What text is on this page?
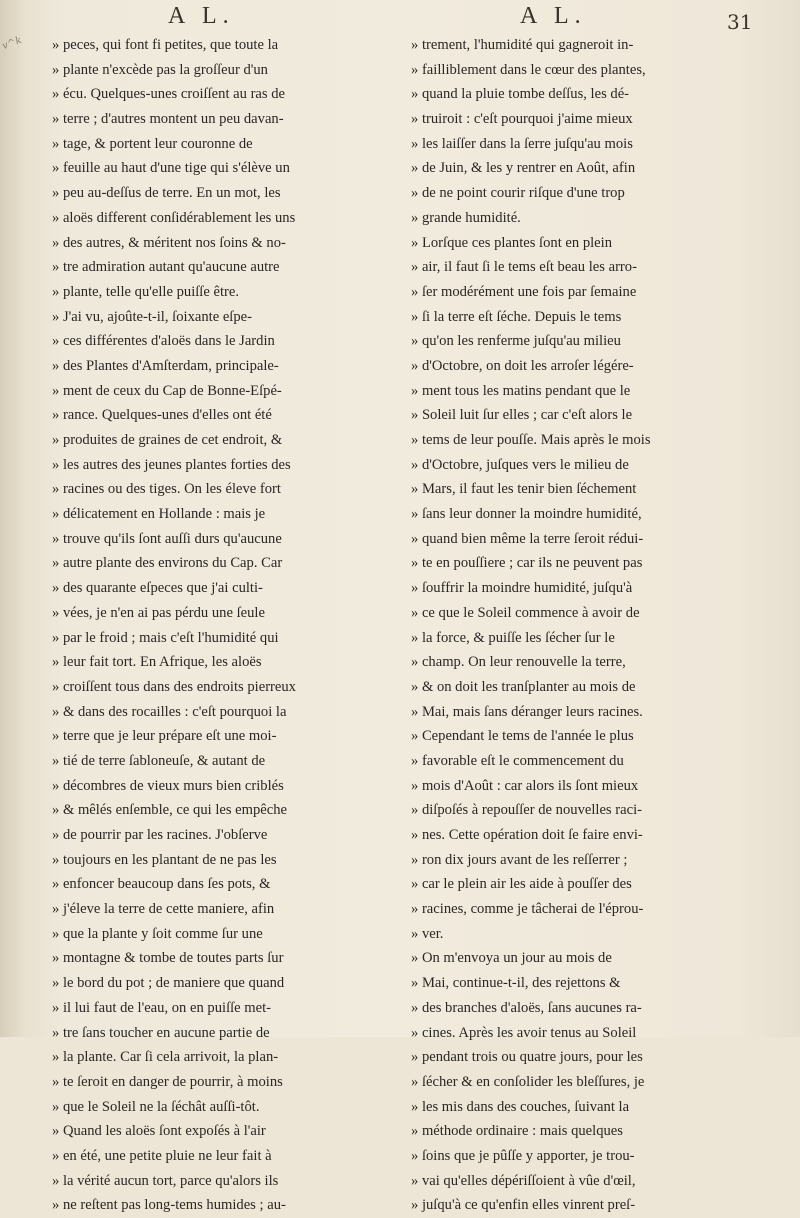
v^k
A L.	A L.	31
» peces, qui font fi petites, que toute la
» plante n'excède pas la groſſeur d'un
» écu. Quelques-unes croiſſent au ras de
» terre ; d'autres montent un peu davan-
» tage, & portent leur couronne de
» feuille au haut d'une tige qui s'élève un
» peu au-deſſus de terre. En un mot, les
» aloës different conſidérablement les uns
» des autres, & méritent nos ſoins & no-
» tre admiration autant qu'aucune autre
» plante, telle qu'elle puiſſe être.
» J'ai vu, ajoûte-t-il, ſoixante eſpe-
» ces différentes d'aloës dans le Jardin
» des Plantes d'Amſterdam, principale-
» ment de ceux du Cap de Bonne-Eſpé-
» rance. Quelques-unes d'elles ont été
» produites de graines de cet endroit, &
» les autres des jeunes plantes forties des
» racines ou des tiges. On les éleve fort
» délicatement en Hollande : mais je
» trouve qu'ils ſont auſſi durs qu'aucune
» autre plante des environs du Cap. Car
» des quarante eſpeces que j'ai culti-
» vées, je n'en ai pas pérdu une ſeule
» par le froid ; mais c'eſt l'humidité qui
» leur fait tort. En Afrique, les aloës
» croiſſent tous dans des endroits pierreux
» & dans des rocailles : c'eſt pourquoi la
» terre que je leur prépare eſt une moi-
» tié de terre ſabloneuſe, & autant de
» décombres de vieux murs bien criblés
» & mêlés enſemble, ce qui les empêche
» de pourrir par les racines. J'obſerve
» toujours en les plantant de ne pas les
» enfoncer beaucoup dans ſes pots, &
» j'éleve la terre de cette maniere, afin
» que la plante y ſoit comme ſur une
» montagne & tombe de toutes parts ſur
» le bord du pot ; de maniere que quand
» il lui faut de l'eau, on en puiſſe met-
» tre ſans toucher en aucune partie de
» la plante. Car ſi cela arrivoit, la plan-
» te ſeroit en danger de pourrir, à moins
» que le Soleil ne la ſéchât auſſi-tôt.
» Quand les aloës ſont expoſés à l'air
» en été, une petite pluie ne leur fait à
» la vérité aucun tort, parce qu'alors ils
» ne reſtent pas long-tems humides ; au-
» trement, l'humidité qui gagneroit in-
» failliblement dans le cœur des plantes,
» quand la pluie tombe deſſus, les dé-
» truiroit : c'eſt pourquoi j'aime mieux
» les laiſſer dans la ſerre juſqu'au mois
» de Juin, & les y rentrer en Août, afin
» de ne point courir riſque d'une trop
» grande humidité.
» Lorſque ces plantes ſont en plein
» air, il faut ſi le tems eſt beau les arro-
» ſer modérément une fois par ſemaine
» ſi la terre eſt ſéche. Depuis le tems
» qu'on les renferme juſqu'au milieu
» d'Octobre, on doit les arroſer légére-
» ment tous les matins pendant que le
» Soleil luit ſur elles ; car c'eſt alors le
» tems de leur pouſſe. Mais après le mois
» d'Octobre, juſques vers le milieu de
» Mars, il faut les tenir bien ſéchement
» ſans leur donner la moindre humidité,
» quand bien même la terre ſeroit rédui-
» te en pouſſiere ; car ils ne peuvent pas
» ſouffrir la moindre humidité, juſqu'à
» ce que le Soleil commence à avoir de
» la force, & puiſſe les ſécher ſur le
» champ. On leur renouvelle la terre,
» & on doit les tranſplanter au mois de
» Mai, mais ſans déranger leurs racines.
» Cependant le tems de l'année le plus
» favorable eſt le commencement du
» mois d'Août : car alors ils ſont mieux
» diſpoſés à repouſſer de nouvelles raci-
» nes. Cette opération doit ſe faire envi-
» ron dix jours avant de les reſſerrer ;
» car le plein air les aide à pouſſer des
» racines, comme je tâcherai de l'éprou-
» ver.
» On m'envoya un jour au mois de
» Mai, continue-t-il, des rejettons &
» des branches d'aloës, ſans aucunes ra-
» cines. Après les avoir tenus au Soleil
» pendant trois ou quatre jours, pour les
» ſécher & en conſolider les bleſſures, je
» les mis dans des couches, ſuivant la
» méthode ordinaire : mais quelques
» ſoins que je pûſſe y apporter, je trou-
» vai qu'elles dépériſſoient à vûe d'œil,
» juſqu'à ce qu'enfin elles vinrent preſ-
